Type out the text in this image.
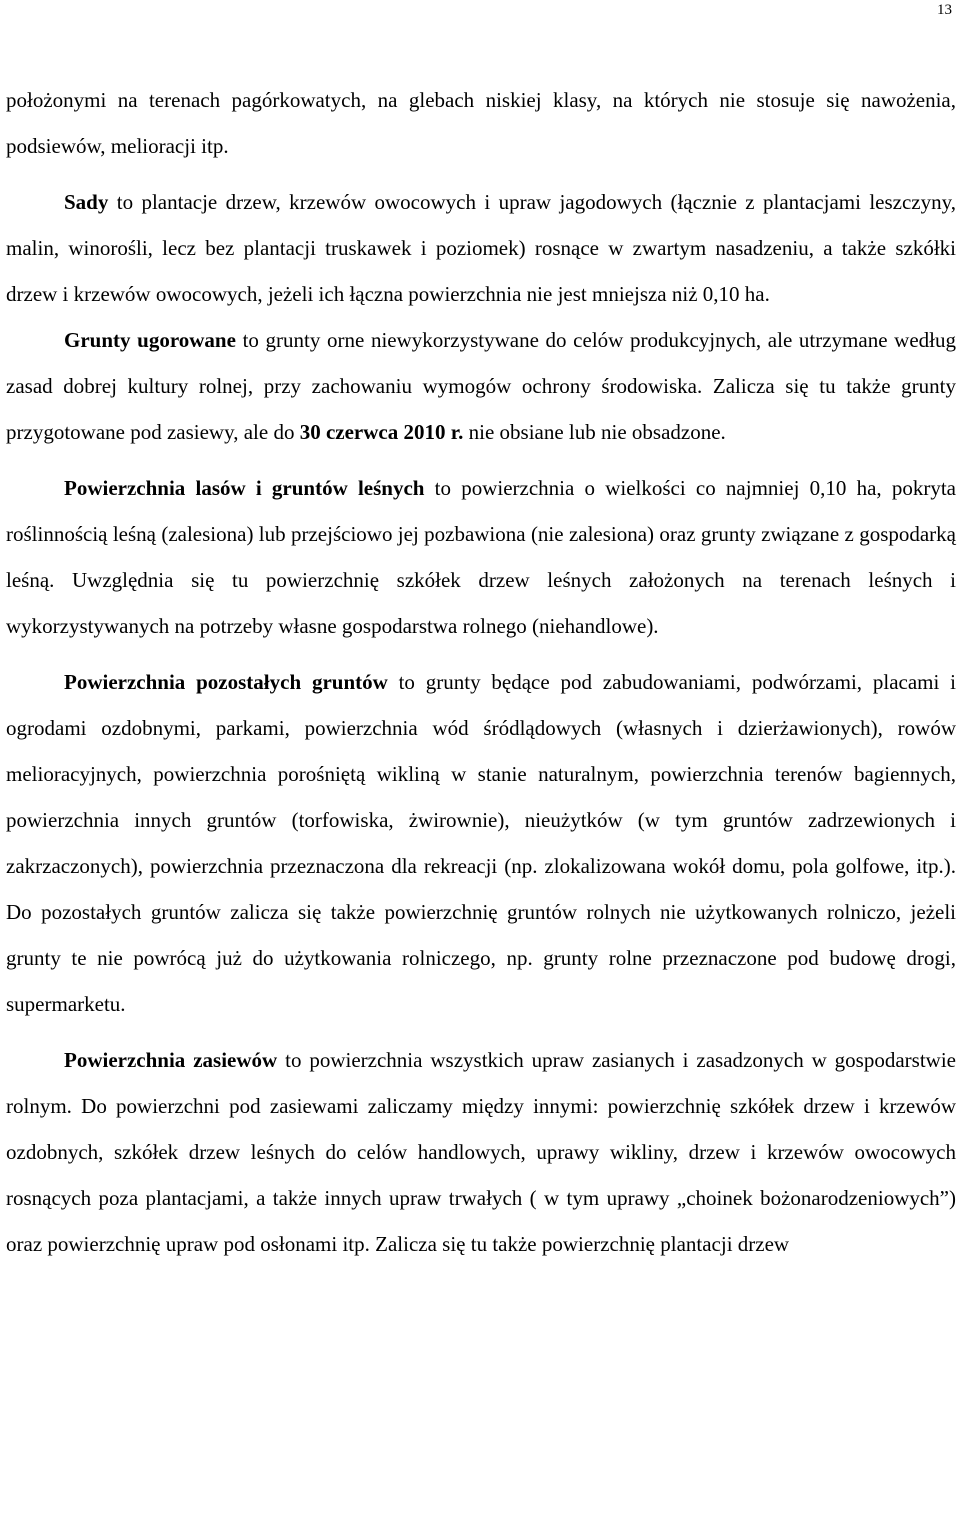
13

położonymi na terenach pagórkowatych, na glebach niskiej klasy, na których nie stosuje się nawożenia, podsiewów, melioracji itp.

Sady to plantacje drzew, krzewów owocowych i upraw jagodowych (łącznie z plantacjami leszczyny, malin, winorośli, lecz bez plantacji truskawek i poziomek) rosnące w zwartym nasadzeniu, a także szkółki drzew i krzewów owocowych, jeżeli ich łączna powierzchnia nie jest mniejsza niż 0,10 ha.

Grunty ugorowane to grunty orne niewykorzystywane do celów produkcyjnych, ale utrzymane według zasad dobrej kultury rolnej, przy zachowaniu wymogów ochrony środowiska. Zalicza się tu także grunty przygotowane pod zasiewy, ale do 30 czerwca 2010 r. nie obsiane lub nie obsadzone.

Powierzchnia lasów i gruntów leśnych to powierzchnia o wielkości co najmniej 0,10 ha, pokryta roślinnością leśną (zalesiona) lub przejściowo jej pozbawiona (nie zalesiona) oraz grunty związane z gospodarką leśną. Uwzględnia się tu powierzchnię szkółek drzew leśnych założonych na terenach leśnych i wykorzystywanych na potrzeby własne gospodarstwa rolnego (niehandlowe).

Powierzchnia pozostałych gruntów to grunty będące pod zabudowaniami, podwórzami, placami i ogrodami ozdobnymi, parkami, powierzchnia wód śródlądowych (własnych i dzierżawionych), rowów melioracyjnych, powierzchnia porośniętą wikliną w stanie naturalnym, powierzchnia terenów bagiennych, powierzchnia innych gruntów (torfowiska, żwirownie), nieużytków (w tym gruntów zadrzewionych i zakrzaczonych), powierzchnia przeznaczona dla rekreacji (np. zlokalizowana wokół domu, pola golfowe, itp.). Do pozostałych gruntów zalicza się także powierzchnię gruntów rolnych nie użytkowanych rolniczo, jeżeli grunty te nie powrócą już do użytkowania rolniczego, np. grunty rolne przeznaczone pod budowę drogi, supermarketu.

Powierzchnia zasiewów to powierzchnia wszystkich upraw zasianych i zasadzonych w gospodarstwie rolnym. Do powierzchni pod zasiewami zaliczamy między innymi: powierzchnię szkółek drzew i krzewów ozdobnych, szkółek drzew leśnych do celów handlowych, uprawy wikliny, drzew i krzewów owocowych rosnących poza plantacjami, a także innych upraw trwałych ( w tym uprawy „choinek bożonarodzeniowych”) oraz powierzchnię upraw pod osłonami itp. Zalicza się tu także powierzchnię plantacji drzew
